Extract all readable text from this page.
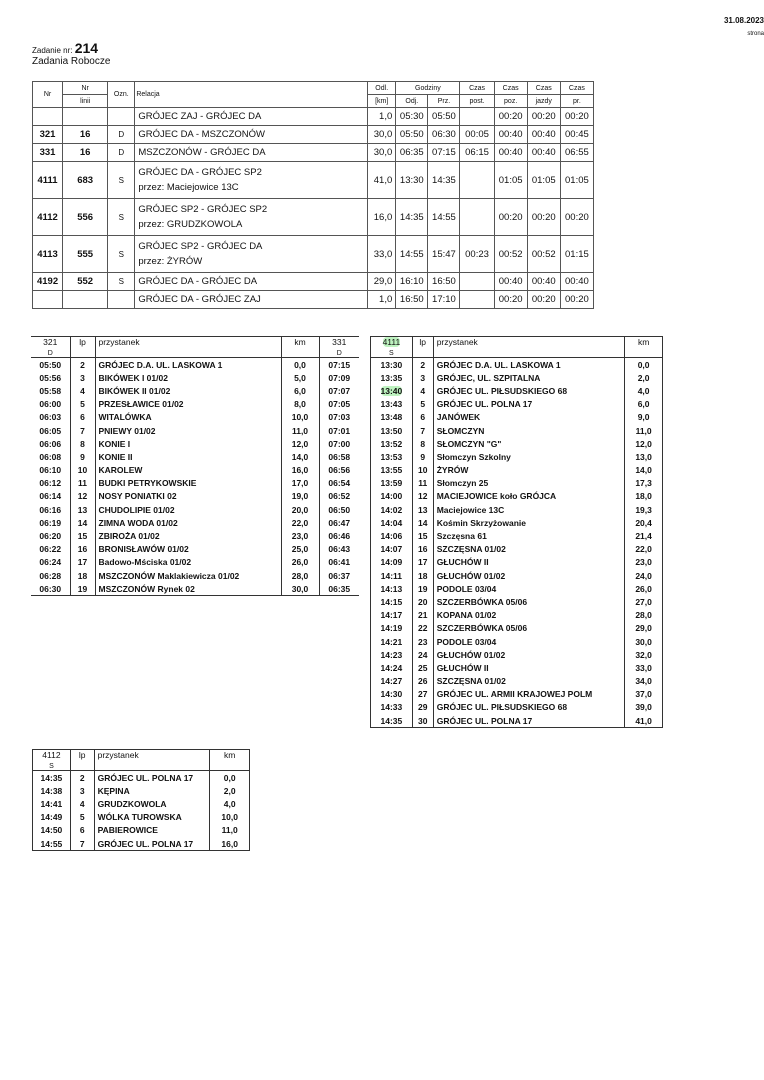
31.08.2023
strona
Zadanie nr: 214
Zadania Robocze
Nr	Nr	Ozn.	Relacja	Odl.	Godziny		Czas	Czas	Czas	Czas
	linii			[km]	Odj.	Prz.	post.	poz.	jazdy	pr.

			GRÓJEC ZAJ - GRÓJEC DA	1,0	05:30	05:50		00:20	00:20	00:20
321	16	D	GRÓJEC DA - MSZCZONÓW	30,0	05:50	06:30	00:05	00:40	00:40	00:45
331	16	D	MSZCZONÓW - GRÓJEC DA	30,0	06:35	07:15	06:15	00:40	00:40	06:55
4111	683	S	GRÓJEC DA - GRÓJEC SP2
przez: Maciejowice 13C	41,0	13:30	14:35		01:05	01:05	01:05
4112	556	S	GRÓJEC SP2 - GRÓJEC SP2
przez: GRUDZKOWOLA	16,0	14:35	14:55		00:20	00:20	00:20
4113	555	S	GRÓJEC SP2 - GRÓJEC DA
przez: ŻYRÓW	33,0	14:55	15:47	00:23	00:52	00:52	01:15
4192	552	S	GRÓJEC DA - GRÓJEC DA	29,0	16:10	16:50		00:40	00:40	00:40

			GRÓJEC DA - GRÓJEC ZAJ	1,0	16:50	17:10		00:20	00:20	00:20
321	lp	przystanek	km	331
D				D
05:50	2	GRÓJEC D.A. UL. LASKOWA 1	0,0	07:15
05:56	3	BIKÓWEK I 01/02	5,0	07:09
05:58	4	BIKÓWEK II 01/02	6,0	07:07
06:00	5	PRZESŁAWICE 01/02	8,0	07:05
06:03	6	WITALÓWKA	10,0	07:03
06:05	7	PNIEWY 01/02	11,0	07:01
06:06	8	KONIE I	12,0	07:00
06:08	9	KONIE II	14,0	06:58
06:10	10	KAROLEW	16,0	06:56
06:12	11	BUDKI PETRYKOWSKIE	17,0	06:54
06:14	12	NOSY PONIATKI 02	19,0	06:52
06:16	13	CHUDOLIPIE 01/02	20,0	06:50
06:19	14	ZIMNA WODA 01/02	22,0	06:47
06:20	15	ZBIROŻA 01/02	23,0	06:46
06:22	16	BRONISŁAWÓW 01/02	25,0	06:43
06:24	17	Badowo-Mściska 01/02	26,0	06:41
06:28	18	MSZCZONÓW Maklakiewicza 01/02	28,0	06:37
06:30	19	MSZCZONÓW Rynek 02	30,0	06:35
4111	lp	przystanek	km
S			
13:30	2	GRÓJEC D.A. UL. LASKOWA 1	0,0
13:35	3	GRÓJEC, UL. SZPITALNA	2,0
13:40	4	GRÓJEC UL. PIŁSUDSKIEGO 68	4,0
13:43	5	GRÓJEC UL. POLNA 17	6,0
13:48	6	JANÓWEK	9,0
13:50	7	SŁOMCZYN	11,0
13:52	8	SŁOMCZYN "G"	12,0
13:53	9	Słomczyn Szkolny	13,0
13:55	10	ŻYRÓW	14,0
13:59	11	Słomczyn 25	17,3
14:00	12	MACIEJOWICE koło GRÓJCA	18,0
14:02	13	Maciejowice 13C	19,3
14:04	14	Kośmin Skrzyżowanie	20,4
14:06	15	Szczęsna 61	21,4
14:07	16	SZCZĘSNA 01/02	22,0
14:09	17	GŁUCHÓW II	23,0
14:11	18	GŁUCHÓW 01/02	24,0
14:13	19	PODOLE 03/04	26,0
14:15	20	SZCZERBÓWKA 05/06	27,0
14:17	21	KOPANA 01/02	28,0
14:19	22	SZCZERBÓWKA 05/06	29,0
14:21	23	PODOLE 03/04	30,0
14:23	24	GŁUCHÓW 01/02	32,0
14:24	25	GŁUCHÓW II	33,0
14:27	26	SZCZĘSNA 01/02	34,0
14:30	27	GRÓJEC UL. ARMII KRAJOWEJ POLM	37,0
14:33	29	GRÓJEC UL. PIŁSUDSKIEGO 68	39,0
14:35	30	GRÓJEC UL. POLNA 17	41,0
4112	lp	przystanek	km
S			
14:35	2	GRÓJEC UL. POLNA 17	0,0
14:38	3	KĘPINA	2,0
14:41	4	GRUDZKOWOLA	4,0
14:49	5	WÓLKA TUROWSKA	10,0
14:50	6	PABIEROWICE	11,0
14:55	7	GRÓJEC UL. POLNA 17	16,0
